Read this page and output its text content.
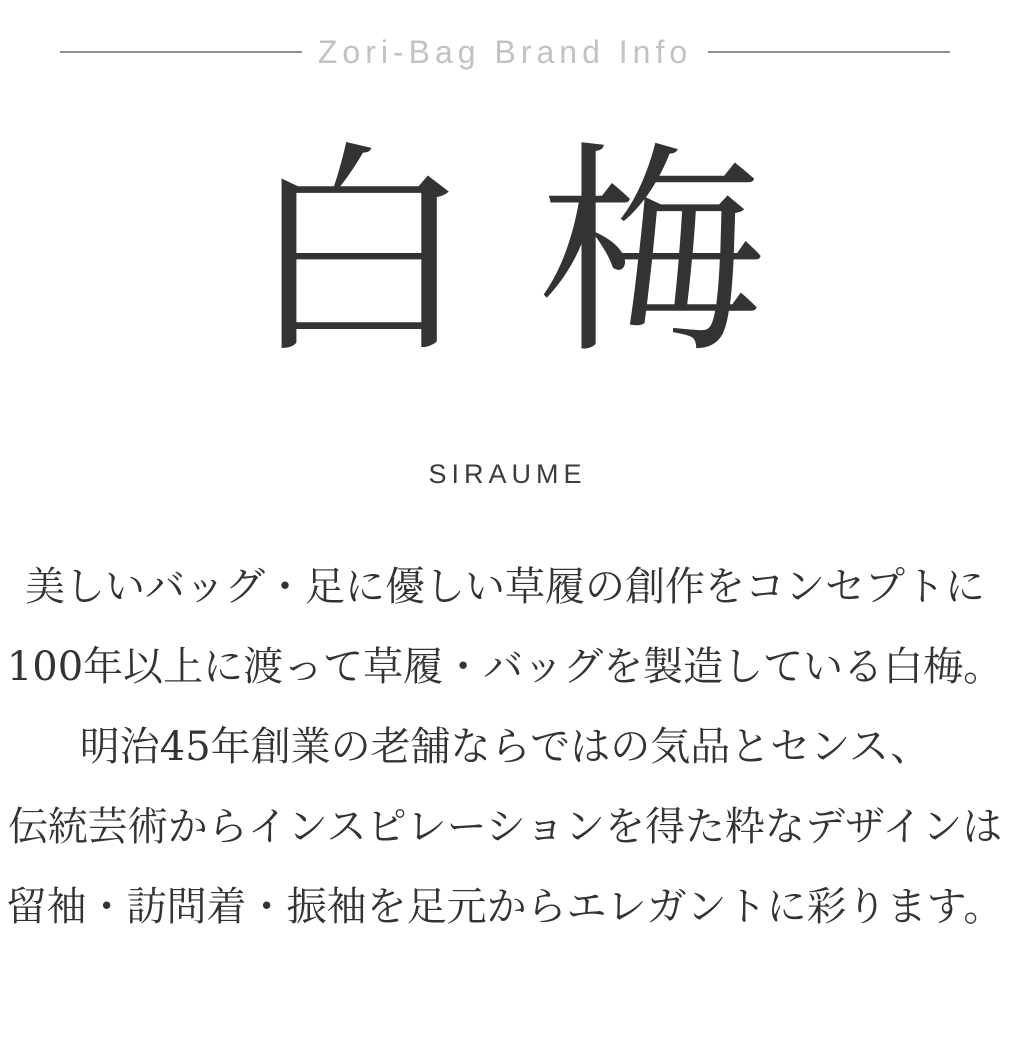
Zori-Bag Brand Info
白梅
SIRAUME

美しいバッグ・足に優しい草履の創作をコンセプトに

100年以上に渡って草履・バッグを製造している白梅。

明治45年創業の老舗ならではの気品とセンス、

伝統芸術からインスピレーションを得た粋なデザインは

留袖・訪問着・振袖を足元からエレガントに彩ります。
